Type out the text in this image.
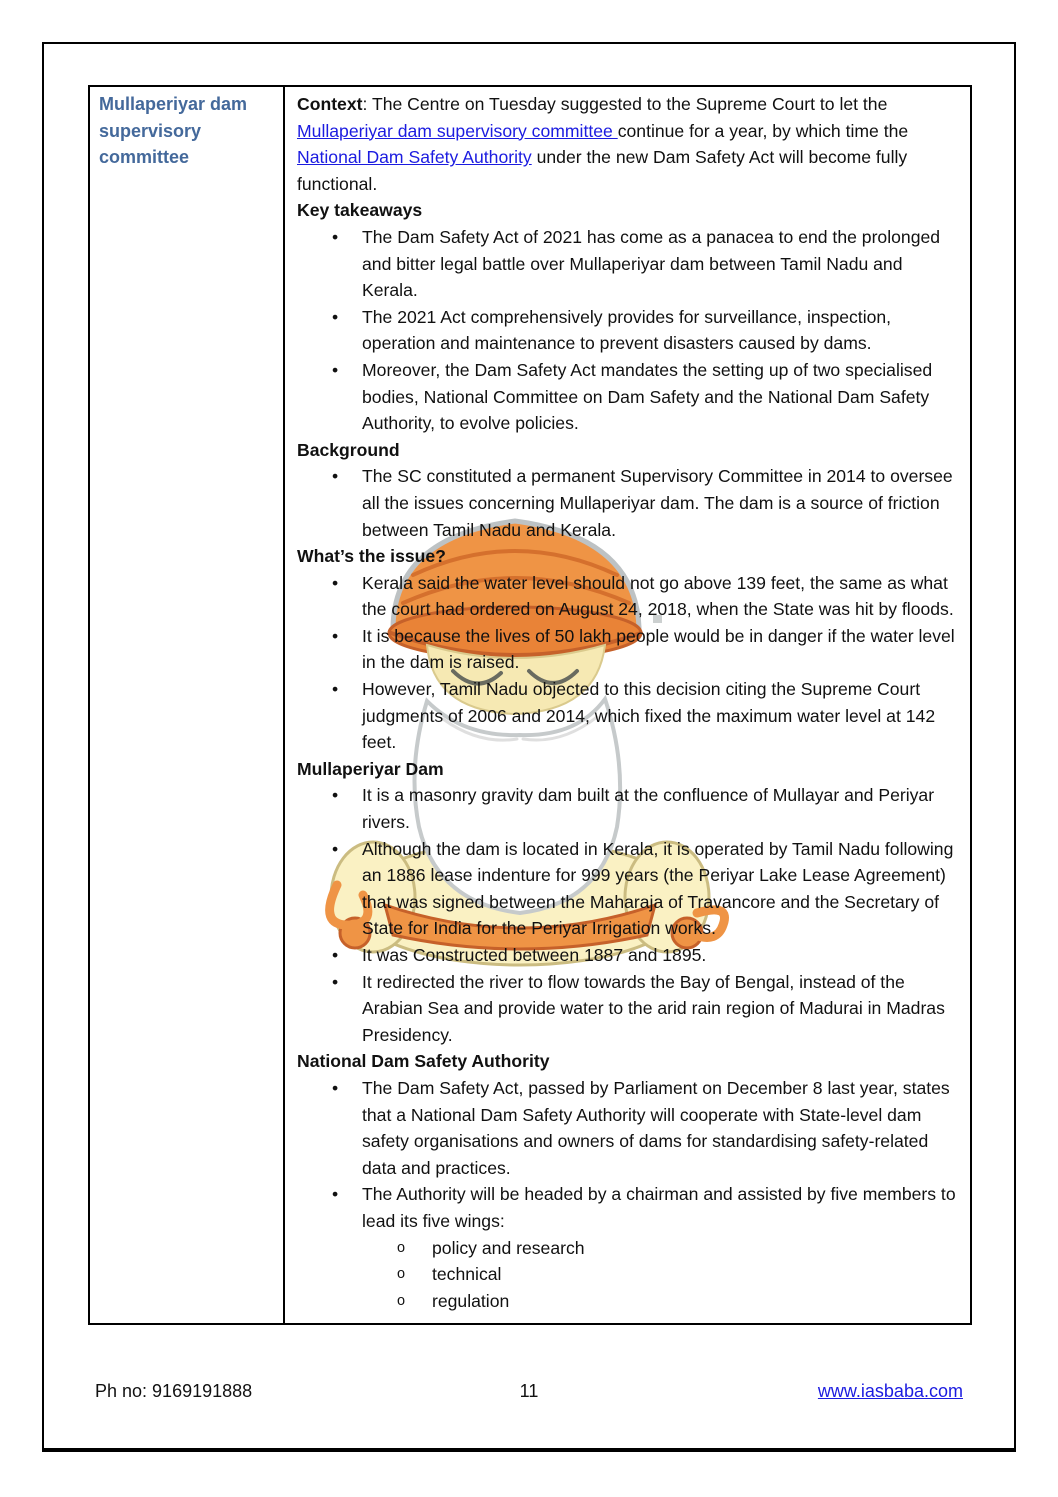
Mullaperiyar dam supervisory committee

Context: The Centre on Tuesday suggested to the Supreme Court to let the Mullaperiyar dam supervisory committee continue for a year, by which time the National Dam Safety Authority under the new Dam Safety Act will become fully functional.

Key takeaways
•	The Dam Safety Act of 2021 has come as a panacea to end the prolonged and bitter legal battle over Mullaperiyar dam between Tamil Nadu and Kerala.
•	The 2021 Act comprehensively provides for surveillance, inspection, operation and maintenance to prevent disasters caused by dams.
•	Moreover, the Dam Safety Act mandates the setting up of two specialised bodies, National Committee on Dam Safety and the National Dam Safety Authority, to evolve policies.
Background
•	The SC constituted a permanent Supervisory Committee in 2014 to oversee all the issues concerning Mullaperiyar dam. The dam is a source of friction between Tamil Nadu and Kerala.
What’s the issue?
•	Kerala said the water level should not go above 139 feet, the same as what the court had ordered on August 24, 2018, when the State was hit by floods.
•	It is because the lives of 50 lakh people would be in danger if the water level in the dam is raised.
•	However, Tamil Nadu objected to this decision citing the Supreme Court judgments of 2006 and 2014, which fixed the maximum water level at 142 feet.
Mullaperiyar Dam
•	It is a masonry gravity dam built at the confluence of Mullayar and Periyar rivers.
•	Although the dam is located in Kerala, it is operated by Tamil Nadu following an 1886 lease indenture for 999 years (the Periyar Lake Lease Agreement) that was signed between the Maharaja of Travancore and the Secretary of State for India for the Periyar Irrigation works.
•	It was Constructed between 1887 and 1895.
•	It redirected the river to flow towards the Bay of Bengal, instead of the Arabian Sea and provide water to the arid rain region of Madurai in Madras Presidency.
National Dam Safety Authority
•	The Dam Safety Act, passed by Parliament on December 8 last year, states that a National Dam Safety Authority will cooperate with State-level dam safety organisations and owners of dams for standardising safety-related data and practices.
•	The Authority will be headed by a chairman and assisted by five members to lead its five wings:
o	policy and research
o	technical
o	regulation
Ph no: 9169191888	11	www.iasbaba.com
